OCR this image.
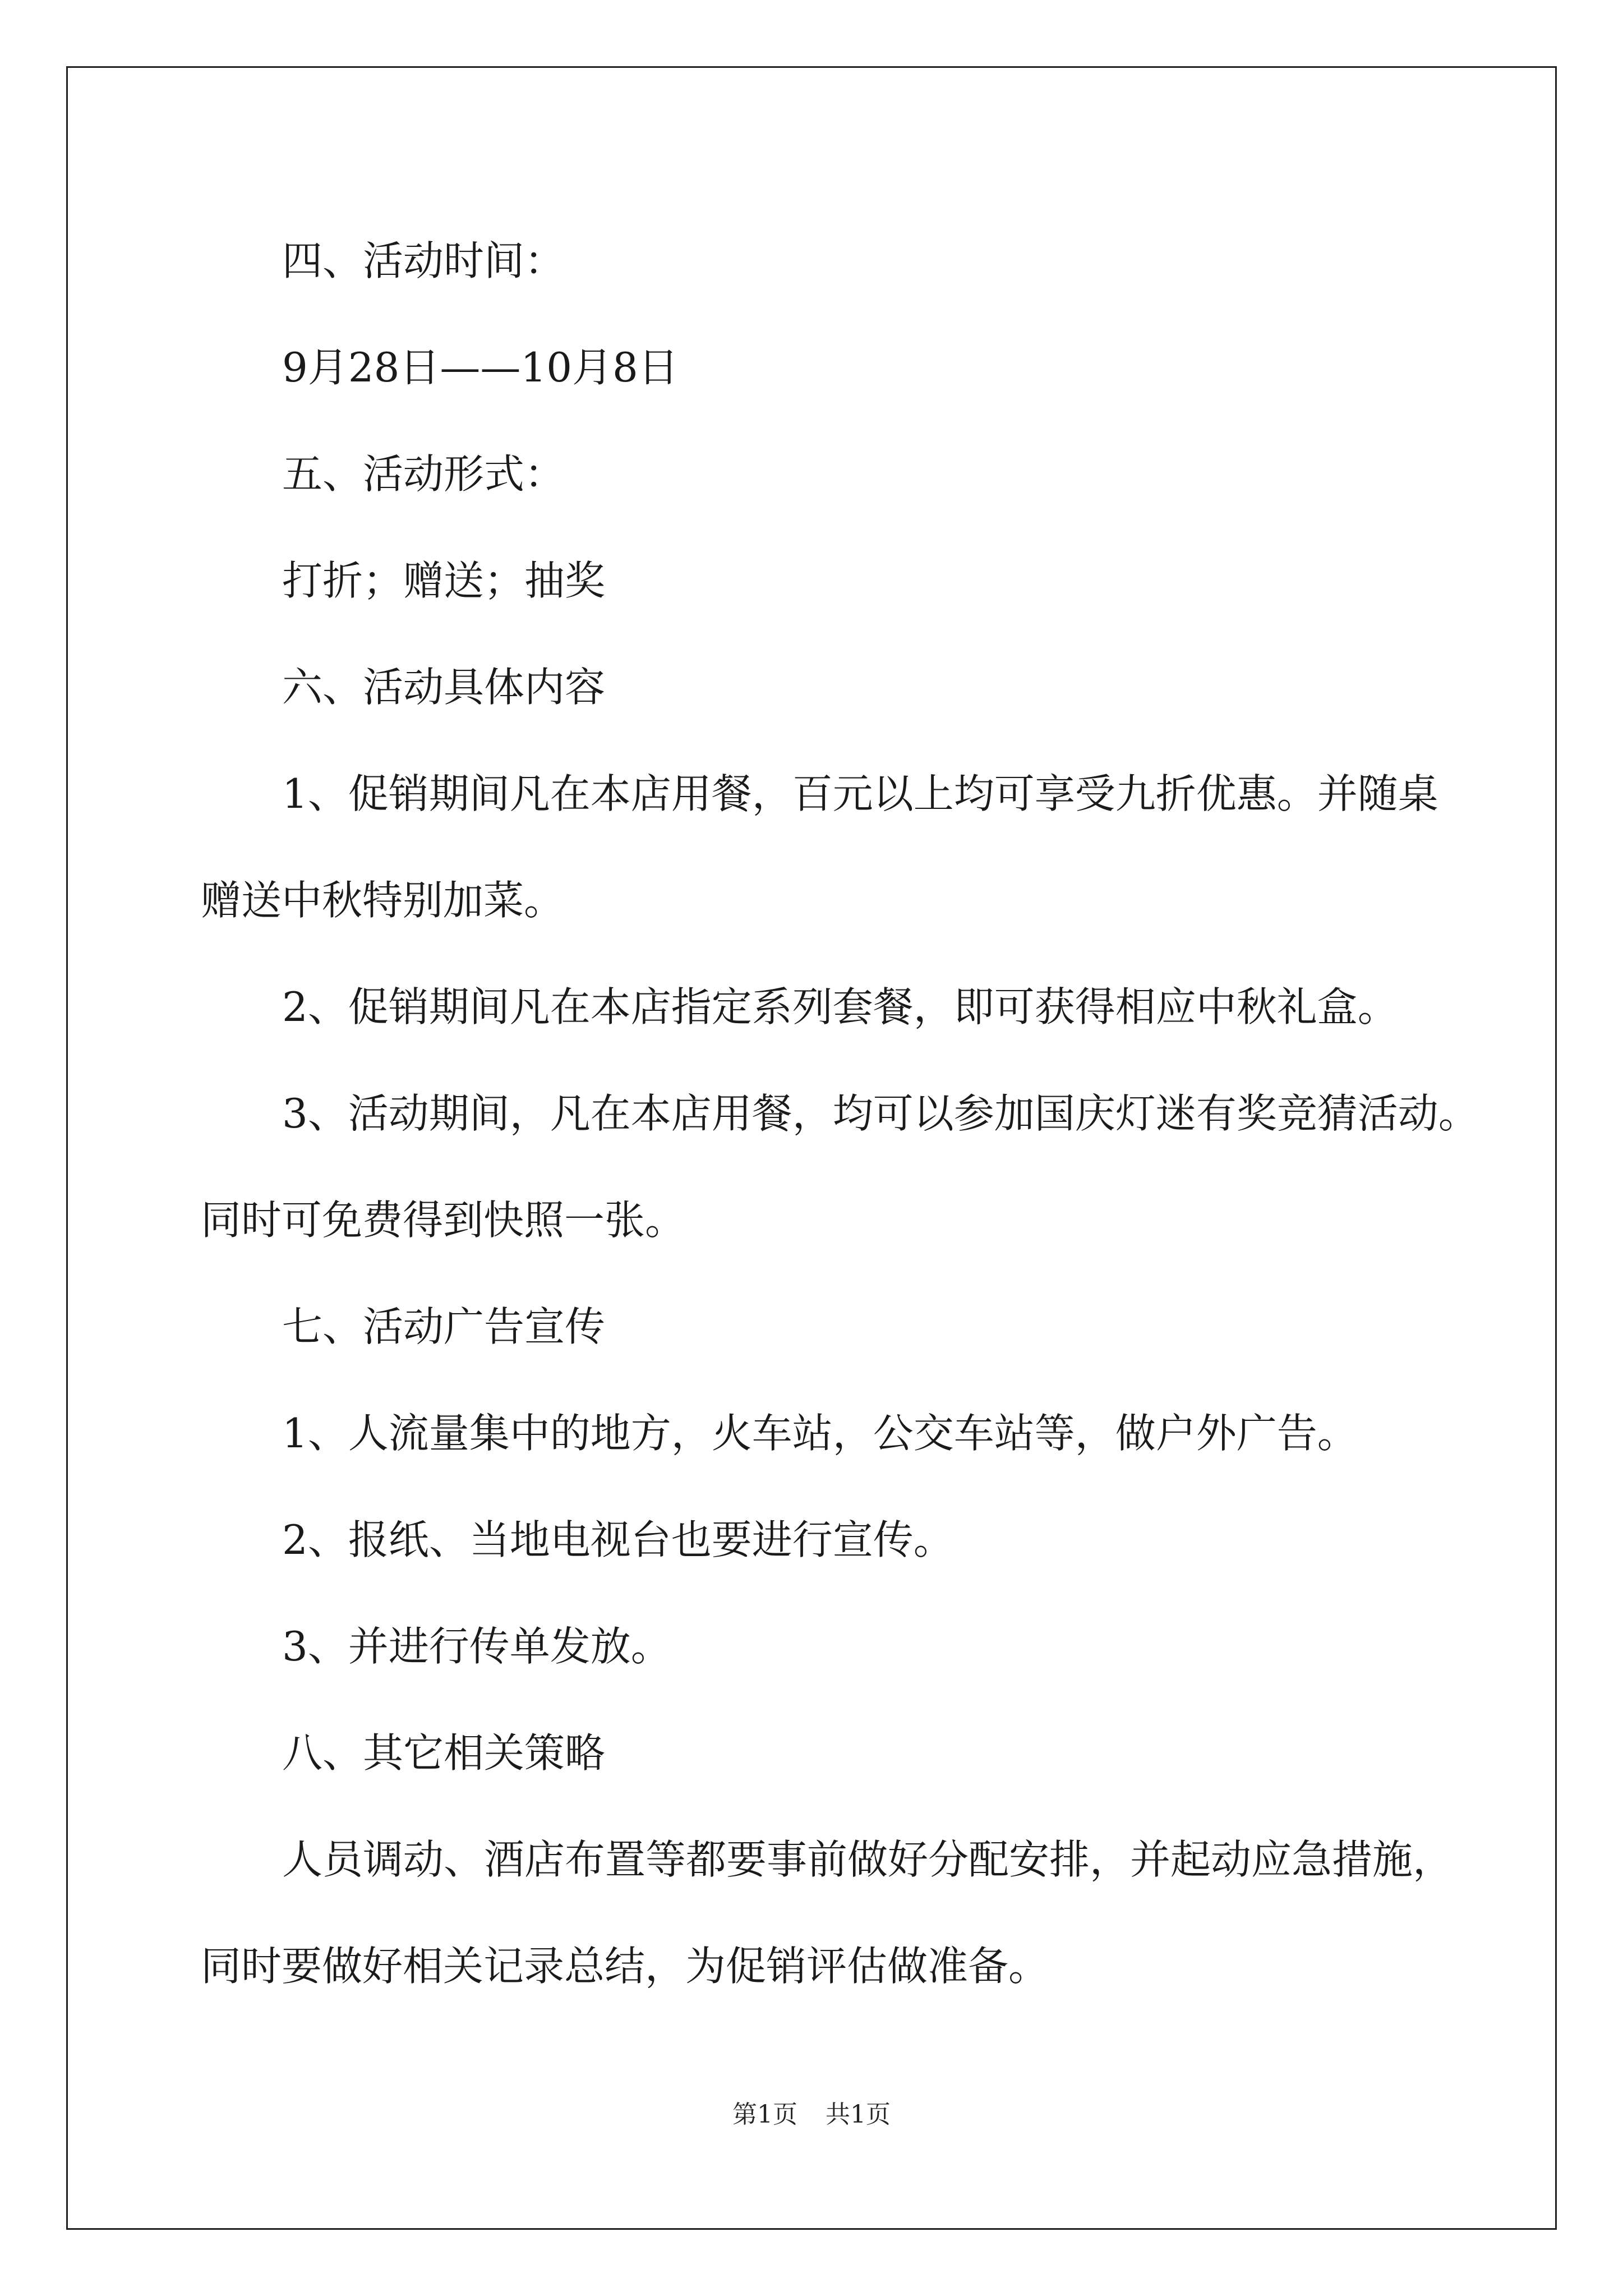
四、活动时间：

9月28日——10月8日

五、活动形式：

打折；赠送；抽奖

六、活动具体内容

1、促销期间凡在本店用餐，百元以上均可享受九折优惠。并随桌

赠送中秋特别加菜。

2、促销期间凡在本店指定系列套餐，即可获得相应中秋礼盒。

3、活动期间，凡在本店用餐，均可以参加国庆灯迷有奖竞猜活动。

同时可免费得到快照一张。

七、活动广告宣传

1、人流量集中的地方，火车站，公交车站等，做户外广告。

2、报纸、当地电视台也要进行宣传。

3、并进行传单发放。

八、其它相关策略

人员调动、酒店布置等都要事前做好分配安排，并起动应急措施，

同时要做好相关记录总结，为促销评估做准备。

第1页 共1页
